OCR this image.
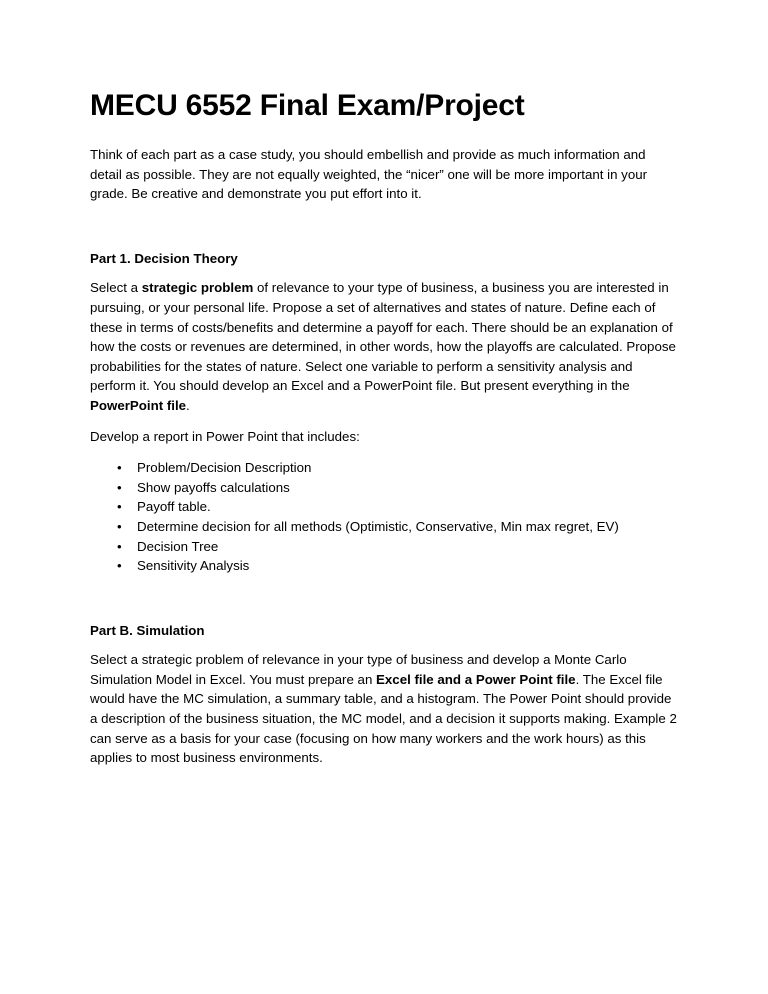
MECU 6552 Final Exam/Project

Think of each part as a case study, you should embellish and provide as much information and detail as possible. They are not equally weighted, the “nicer” one will be more important in your grade. Be creative and demonstrate you put effort into it.

Part 1. Decision Theory

Select a strategic problem of relevance to your type of business, a business you are interested in pursuing, or your personal life. Propose a set of alternatives and states of nature. Define each of these in terms of costs/benefits and determine a payoff for each. There should be an explanation of how the costs or revenues are determined, in other words, how the playoffs are calculated. Propose probabilities for the states of nature. Select one variable to perform a sensitivity analysis and perform it. You should develop an Excel and a PowerPoint file. But present everything in the PowerPoint file.

Develop a report in Power Point that includes:

• Problem/Decision Description
• Show payoffs calculations
• Payoff table.
• Determine decision for all methods (Optimistic, Conservative, Min max regret, EV)
• Decision Tree
• Sensitivity Analysis
Part B. Simulation

Select a strategic problem of relevance in your type of business and develop a Monte Carlo Simulation Model in Excel. You must prepare an Excel file and a Power Point file. The Excel file would have the MC simulation, a summary table, and a histogram. The Power Point should provide a description of the business situation, the MC model, and a decision it supports making. Example 2 can serve as a basis for your case (focusing on how many workers and the work hours) as this applies to most business environments.
